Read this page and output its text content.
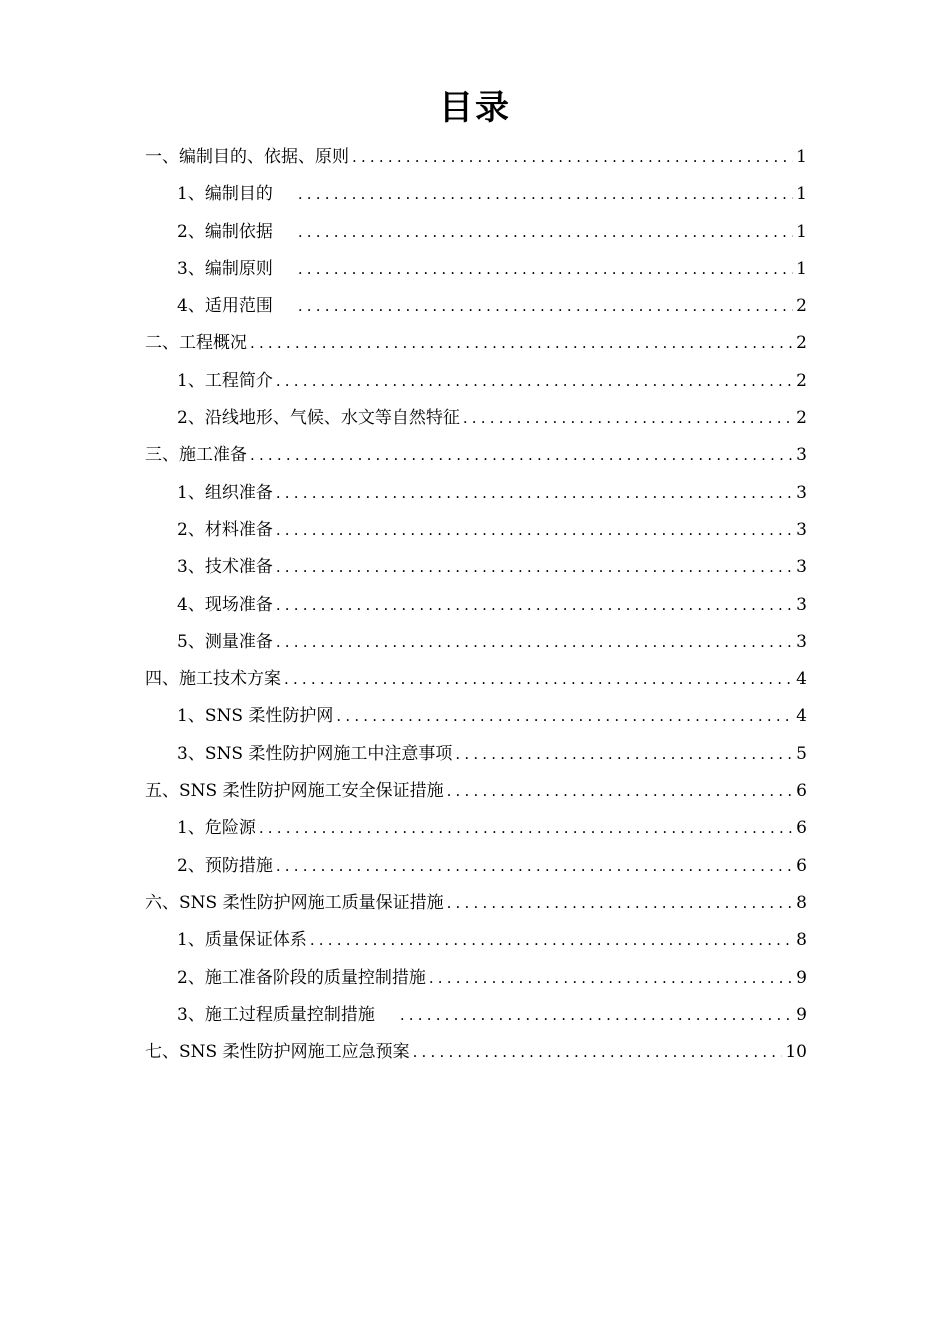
目录
一、编制目的、依据、原则 .....	1
1、编制目的 .....	1
2、编制依据 .....	1
3、编制原则 .....	1
4、适用范围 .....	2
二、工程概况 .....	2
1、工程简介 .....	2
2、沿线地形、气候、水文等自然特征 .....	2
三、施工准备 .....	3
1、组织准备 .....	3
2、材料准备 .....	3
3、技术准备 .....	3
4、现场准备 .....	3
5、测量准备 .....	3
四、施工技术方案 .....	4
1、SNS 柔性防护网 .....	4
3、SNS 柔性防护网施工中注意事项 .....	5
五、SNS 柔性防护网施工安全保证措施 .....	6
1、危险源 .....	6
2、预防措施 .....	6
六、SNS 柔性防护网施工质量保证措施 .....	8
1、质量保证体系 .....	8
2、施工准备阶段的质量控制措施 .....	9
3、施工过程质量控制措施 .....	9
七、SNS 柔性防护网施工应急预案 .....	10
